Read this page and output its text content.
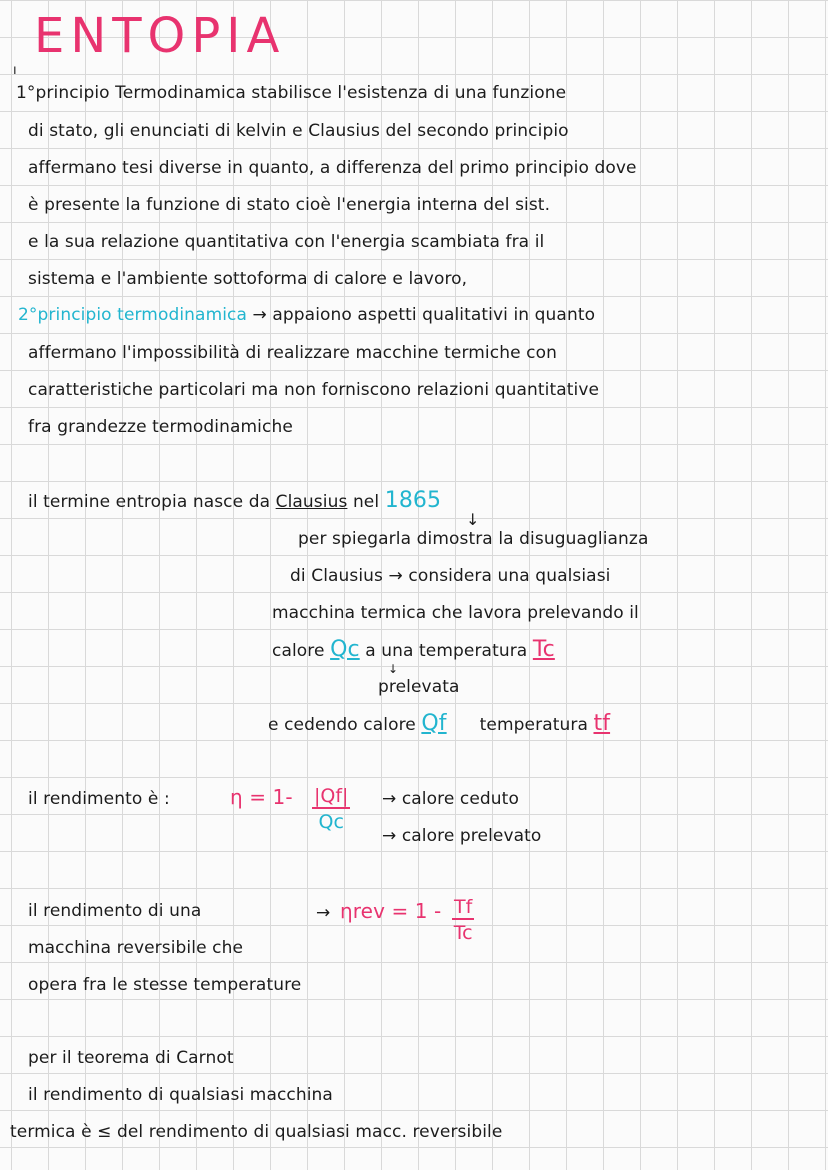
ENTOPIA
ı
1°principio Termodinamica stabilisce l'esistenza di una funzione
di stato, gli enunciati di kelvin e Clausius del secondo principio
affermano tesi diverse in quanto, a differenza del primo principio dove
è presente la funzione di stato cioè l'energia interna del sist.
e la sua relazione quantitativa con l'energia scambiata fra il
sistema e l'ambiente sottoforma di calore e lavoro,
2°principio termodinamica → appaiono aspetti qualitativi in quanto
affermano l'impossibilità di realizzare macchine termiche con
caratteristiche particolari ma non forniscono relazioni quantitative
fra grandezze termodinamiche
il termine entropia nasce da Clausius nel 1865
↓
per spiegarla dimostra la disuguaglianza
di Clausius → considera una qualsiasi
macchina termica che lavora prelevando il
calore Qc a una temperatura Tc
↓
prelevata
e cedendo calore Qf temperatura tf
il rendimento è :	$\eta = 1- \frac{|Qf|}{Qc}$ → calore ceduto
→ calore prelevato
il rendimento di una
macchina reversibile che
opera fra le stesse temperature
→ $\eta rev = 1 - \frac{Tf}{Tc}$
per il teorema di Carnot
il rendimento di qualsiasi macchina
termica è ≤ del rendimento di qualsiasi macc. reversibile
